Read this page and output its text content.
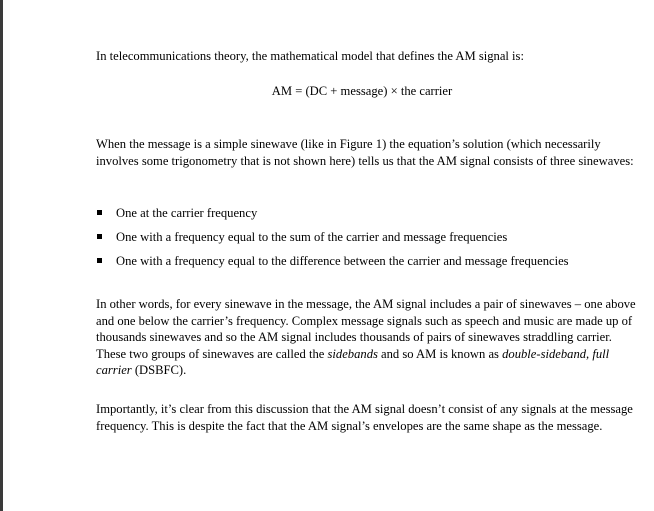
In telecommunications theory, the mathematical model that defines the AM signal is:

AM = (DC + message) × the carrier

When the message is a simple sinewave (like in Figure 1) the equation’s solution (which necessarily involves some trigonometry that is not shown here) tells us that the AM signal consists of three sinewaves:

One at the carrier frequency
One with a frequency equal to the sum of the carrier and message frequencies
One with a frequency equal to the difference between the carrier and message frequencies

In other words, for every sinewave in the message, the AM signal includes a pair of sinewaves – one above and one below the carrier’s frequency. Complex message signals such as speech and music are made up of thousands sinewaves and so the AM signal includes thousands of pairs of sinewaves straddling carrier. These two groups of sinewaves are called the sidebands and so AM is known as double-sideband, full carrier (DSBFC).

Importantly, it’s clear from this discussion that the AM signal doesn’t consist of any signals at the message frequency. This is despite the fact that the AM signal’s envelopes are the same shape as the message.
